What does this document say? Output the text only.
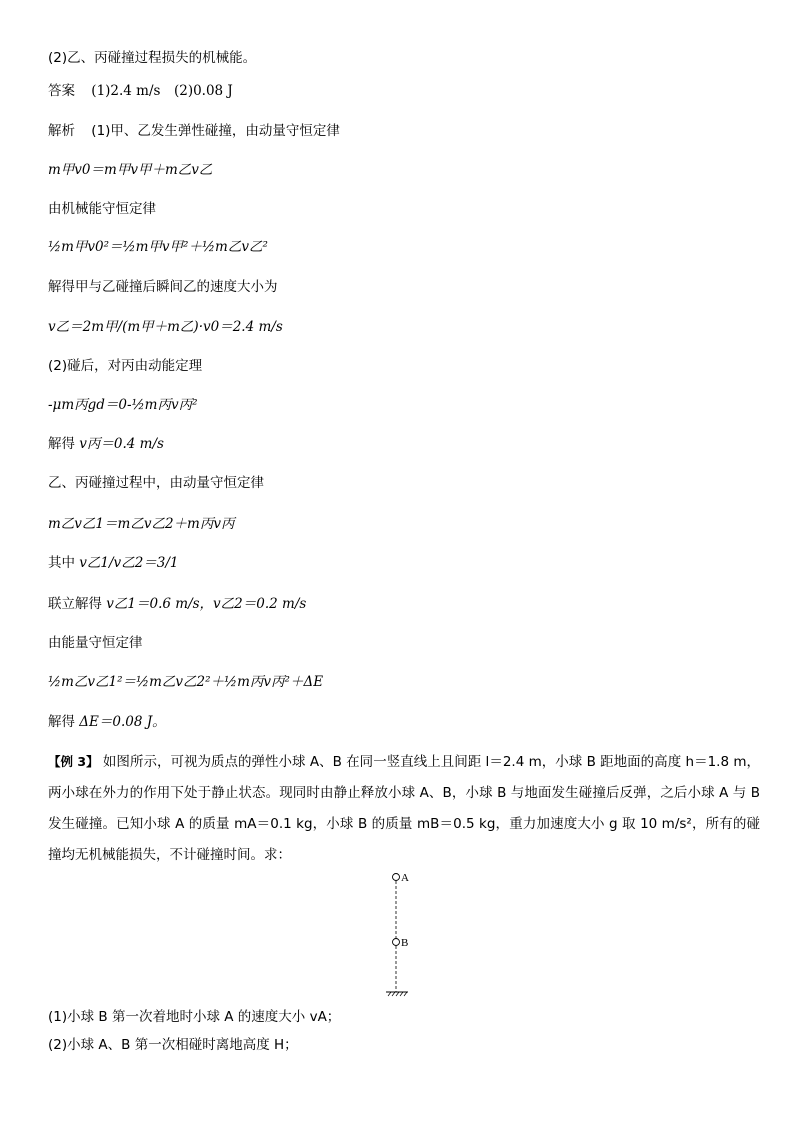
(2)乙、丙碰撞过程损失的机械能。
答案 (1)2.4 m/s　(2)0.08 J
解析 (1)甲、乙发生弹性碰撞，由动量守恒定律
m甲v0＝m甲v甲＋m乙v乙
由机械能守恒定律
½m甲v0²＝½m甲v甲²＋½m乙v乙²
解得甲与乙碰撞后瞬间乙的速度大小为
v乙＝2m甲/(m甲＋m乙)·v0＝2.4 m/s
(2)碰后，对丙由动能定理
-μm丙gd＝0-½m丙v丙²
解得 v丙＝0.4 m/s
乙、丙碰撞过程中，由动量守恒定律
m乙v乙1＝m乙v乙2＋m丙v丙
其中 v乙1/v乙2＝3/1
联立解得 v乙1＝0.6 m/s，v乙2＝0.2 m/s
由能量守恒定律
½m乙v乙1²＝½m乙v乙2²＋½m丙v丙²＋ΔE
解得 ΔE＝0.08 J。
【例 3】 如图所示，可视为质点的弹性小球 A、B 在同一竖直线上且间距 l＝2.4 m，小球 B 距地面的高度 h＝1.8 m，两小球在外力的作用下处于静止状态。现同时由静止释放小球 A、B，小球 B 与地面发生碰撞后反弹，之后小球 A 与 B 发生碰撞。已知小球 A 的质量 mA＝0.1 kg，小球 B 的质量 mB＝0.5 kg，重力加速度大小 g 取 10 m/s²，所有的碰撞均无机械能损失，不计碰撞时间。求：
A
B
(1)小球 B 第一次着地时小球 A 的速度大小 vA；
(2)小球 A、B 第一次相碰时离地高度 H；
